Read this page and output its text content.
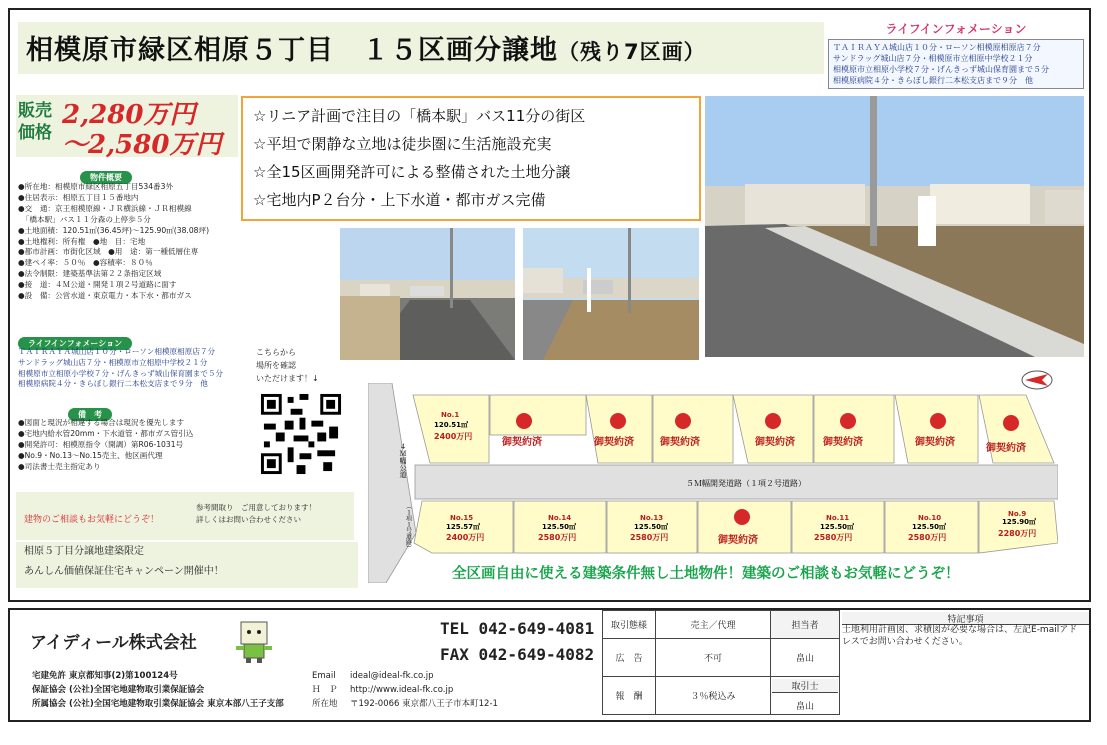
相模原市緑区相原５丁目　１５区画分譲地（残り7区画）
ライフインフォメーション
ＴＡＩＲＡＹＡ城山店１０分・ローソン相模原相原店７分
サンドラッグ城山店７分・相模原市立相原中学校２１分
相模原市立相原小学校７分・げんきっず城山保育園まで５分
相模原病院４分・きらぼし銀行二本松支店まで９分　他
販売
価格
2,280万円
～2,580万円
物件概要
●所在地：相模原市緑区相原五丁目534番3外
●住居表示：相原五丁目１５番地内
●交　通：京王相模原線・ＪＲ横浜線・ＪＲ相模線
　「橋本駅」バス１１分森の上停歩５分
●土地面積：120.51㎡(36.45坪)～125.90㎡(38.08坪)
●土地権利：所有権　●地　目：宅地
●都市計画：市街化区域　●用　途：第一種低層住専
●建ペイ率：５０％　●容積率：８０％
●法令制限：建築基準法第２２条指定区域
●接　道：４Ｍ公道・開発１項２号道路に面す
●設　備：公営水道・東京電力・本下水・都市ガス
ライフインフォメーション
ＴＡＩＲＡＹＡ城山店１０分・ローソン相模原相原店７分
サンドラッグ城山店７分・相模原市立相原中学校２１分
相模原市立相原小学校７分・げんきっず城山保育園まで５分
相模原病院４分・きらぼし銀行二本松支店まで９分　他
備　考
●図面と現況が相違する場合は現況を優先します
●宅地内給水管20mm・下水道管・都市ガス管引込
●開発許可：相模原指令（開調）第R06-1031号
●No.9・No.13～No.15売主、他区画代理
●司法書士売主指定あり
☆リニア計画で注目の「橋本駅」バス11分の街区
☆平坦で閑静な立地は徒歩圏に生活施設充実
☆全15区画開発許可による整備された土地分譲
☆宅地内P２台分・上下水道・都市ガス完備
こちらから
場所を確認
いただけます！↓
５Ｍ幅開発道路（１項２号道路）
４Ｍ幅公道
（１項１号道路）
No.1
120.51㎡
2400万円
御契約済	御契約済	御契約済	御契約済	御契約済	御契約済
御契約済
御契約済
No.15
125.57㎡
2400万円
No.14
125.50㎡
2580万円
No.13
125.50㎡
2580万円
No.11
125.50㎡
2580万円
No.10
125.50㎡
2580万円
No.9
125.90㎡
2280万円
建物のご相談もお気軽にどうぞ！
参考間取り　ご用意しております！
詳しくはお問い合わせください
相原５丁目分譲地建築限定
あんしん価値保証住宅キャンペーン開催中！	全区画自由に使える建築条件無し土地物件！建築のご相談もお気軽にどうぞ！
アイディール株式会社
宅建免許 東京都知事(2)第100124号
保証協会 (公社)全国宅地建物取引業保証協会
所属協会 (公社)全国宅地建物取引業保証協会 東京本部八王子支部
Email ideal@ideal-fk.co.jp
Ｈ　Ｐ http://www.ideal-fk.co.jp
所在地 〒192-0066 東京都八王子市本町12-1
TEL 042-649-4081
FAX 042-649-4082
取引態様	売主／代理	担当者
広　告	不可	畠山
報　酬	３％税込み	取引士
畠山
特記事項
土地利用計画図、求積図が必要な場合は、左記E-mailアドレスでお問い合わせください。
